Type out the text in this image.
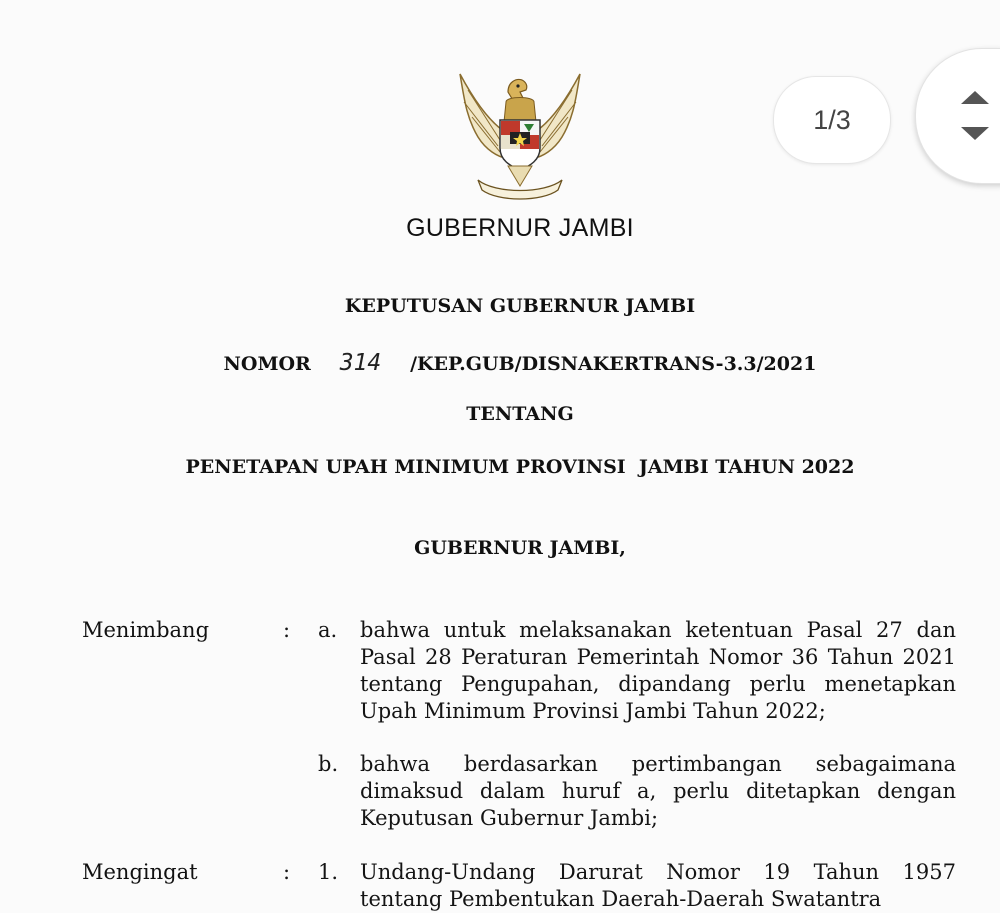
GUBERNUR JAMBI
KEPUTUSAN GUBERNUR JAMBI
NOMOR 314 /KEP.GUB/DISNAKERTRANS-3.3/2021
TENTANG
PENETAPAN UPAH MINIMUM PROVINSI  JAMBI TAHUN 2022
GUBERNUR JAMBI,
Menimbang	: a. bahwa untuk melaksanakan ketentuan Pasal 27 dan Pasal 28 Peraturan Pemerintah Nomor 36 Tahun 2021 tentang Pengupahan, dipandang perlu menetapkan Upah Minimum Provinsi Jambi Tahun 2022;
b. bahwa berdasarkan pertimbangan sebagaimana dimaksud dalam huruf a, perlu ditetapkan dengan Keputusan Gubernur Jambi;
Mengingat	: 1. Undang-Undang Darurat Nomor 19 Tahun 1957 tentang Pembentukan Daerah-Daerah Swatantra
1/3
